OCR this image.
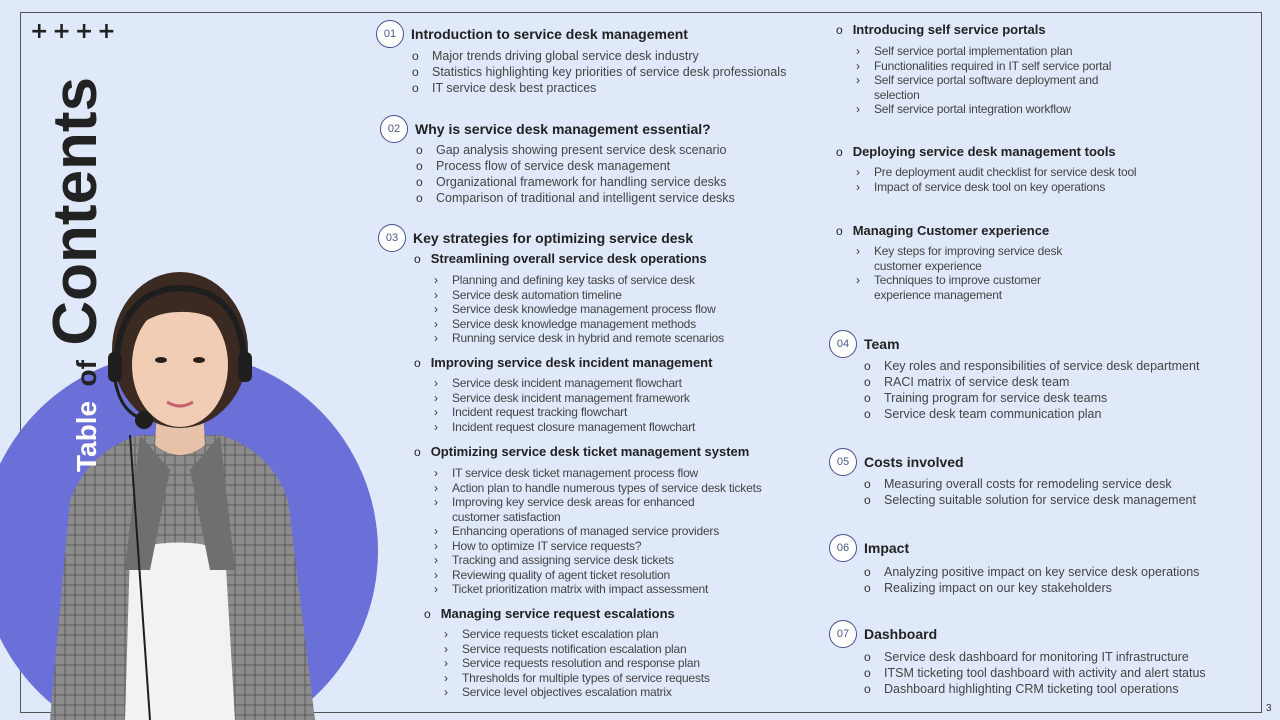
++++
Table of Contents
01	Introduction to service desk management
o Major trends driving global service desk industry
o Statistics highlighting key priorities of service desk professionals
o IT service desk best practices
02	Why is service desk management essential?
o Gap analysis showing present service desk scenario
o Process flow of service desk management
o Organizational framework for handling service desks
o Comparison of traditional and intelligent service desks
03	Key strategies for optimizing service desk
o Streamlining overall service desk operations
› Planning and defining key tasks of service desk
› Service desk automation timeline
› Service desk knowledge management process flow
› Service desk knowledge management methods
› Running service desk in hybrid and remote scenarios
o Improving service desk incident management
› Service desk incident management flowchart
› Service desk incident management framework
› Incident request tracking flowchart
› Incident request closure management flowchart
o Optimizing service desk ticket management system
› IT service desk ticket management process flow
› Action plan to handle numerous types of service desk tickets
› Improving key service desk areas for enhanced
customer satisfaction
› Enhancing operations of managed service providers
› How to optimize IT service requests?
› Tracking and assigning service desk tickets
› Reviewing quality of agent ticket resolution
› Ticket prioritization matrix with impact assessment
o Managing service request escalations
› Service requests ticket escalation plan
› Service requests notification escalation plan
› Service requests resolution and response plan
› Thresholds for multiple types of service requests
› Service level objectives escalation matrix
o Introducing self service portals
› Self service portal implementation plan
› Functionalities required in IT self service portal
› Self service portal software deployment and
selection
› Self service portal integration workflow
o Deploying service desk management tools
› Pre deployment audit checklist for service desk tool
› Impact of service desk tool on key operations
o Managing Customer experience
› Key steps for improving service desk
customer experience
› Techniques to improve customer
experience management
04	Team
o Key roles and responsibilities of service desk department
o RACI matrix of service desk team
o Training program for service desk teams
o Service desk team communication plan
05	Costs involved
o Measuring overall costs for remodeling service desk
o Selecting suitable solution for service desk management
06	Impact
o Analyzing positive impact on key service desk operations
o Realizing impact on our key stakeholders
07	Dashboard
o Service desk dashboard for monitoring IT infrastructure
o ITSM ticketing tool dashboard with activity and alert status
o Dashboard highlighting CRM ticketing tool operations
3
